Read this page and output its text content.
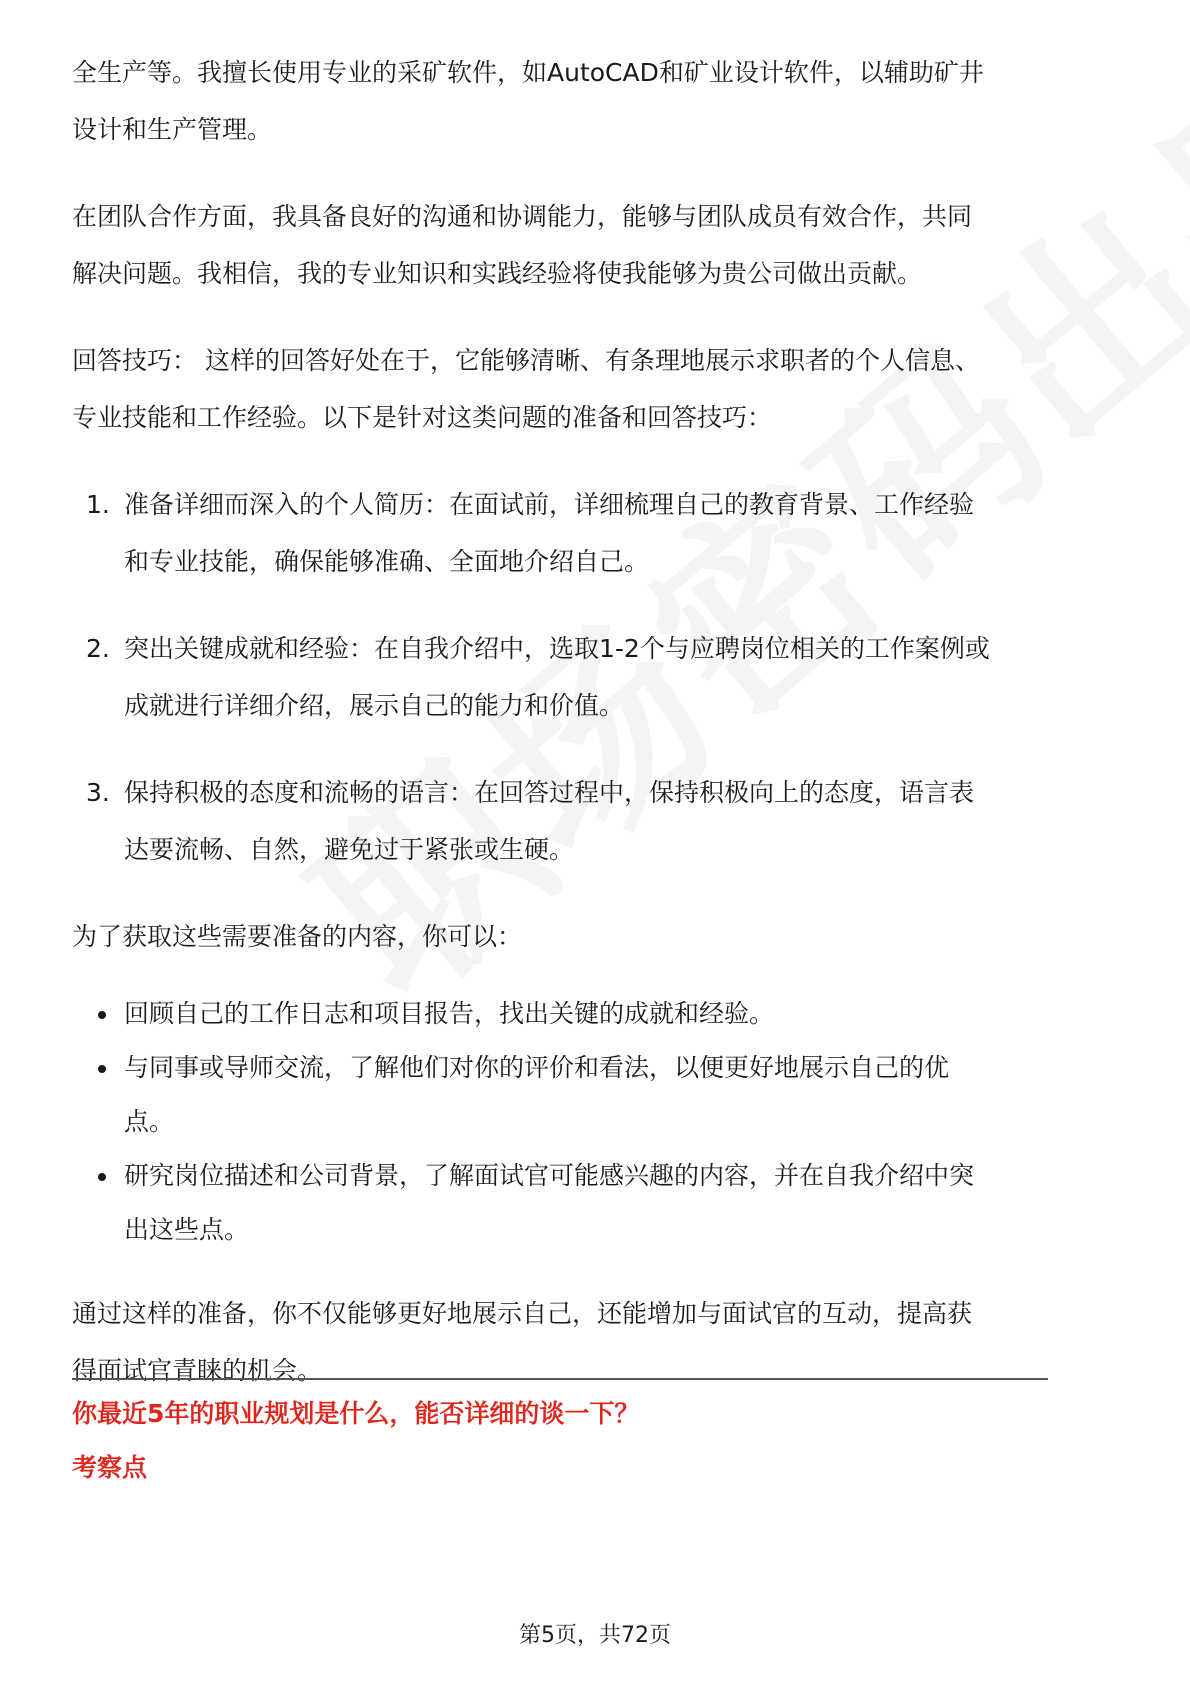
全生产等。我擅长使用专业的采矿软件，如AutoCAD和矿业设计软件，以辅助矿井
设计和生产管理。

在团队合作方面，我具备良好的沟通和协调能力，能够与团队成员有效合作，共同
解决问题。我相信，我的专业知识和实践经验将使我能够为贵公司做出贡献。

回答技巧： 这样的回答好处在于，它能够清晰、有条理地展示求职者的个人信息、
专业技能和工作经验。以下是针对这类问题的准备和回答技巧：

1. 准备详细而深入的个人简历：在面试前，详细梳理自己的教育背景、工作经验
和专业技能，确保能够准确、全面地介绍自己。
2. 突出关键成就和经验：在自我介绍中，选取1-2个与应聘岗位相关的工作案例或
成就进行详细介绍，展示自己的能力和价值。
3. 保持积极的态度和流畅的语言：在回答过程中，保持积极向上的态度，语言表
达要流畅、自然，避免过于紧张或生硬。

为了获取这些需要准备的内容，你可以：

回顾自己的工作日志和项目报告，找出关键的成就和经验。
与同事或导师交流，了解他们对你的评价和看法，以便更好地展示自己的优
点。
研究岗位描述和公司背景，了解面试官可能感兴趣的内容，并在自我介绍中突
出这些点。

通过这样的准备，你不仅能够更好地展示自己，还能增加与面试官的互动，提高获
得面试官青睐的机会。

你最近5年的职业规划是什么，能否详细的谈一下？
考察点
第5页，共72页
